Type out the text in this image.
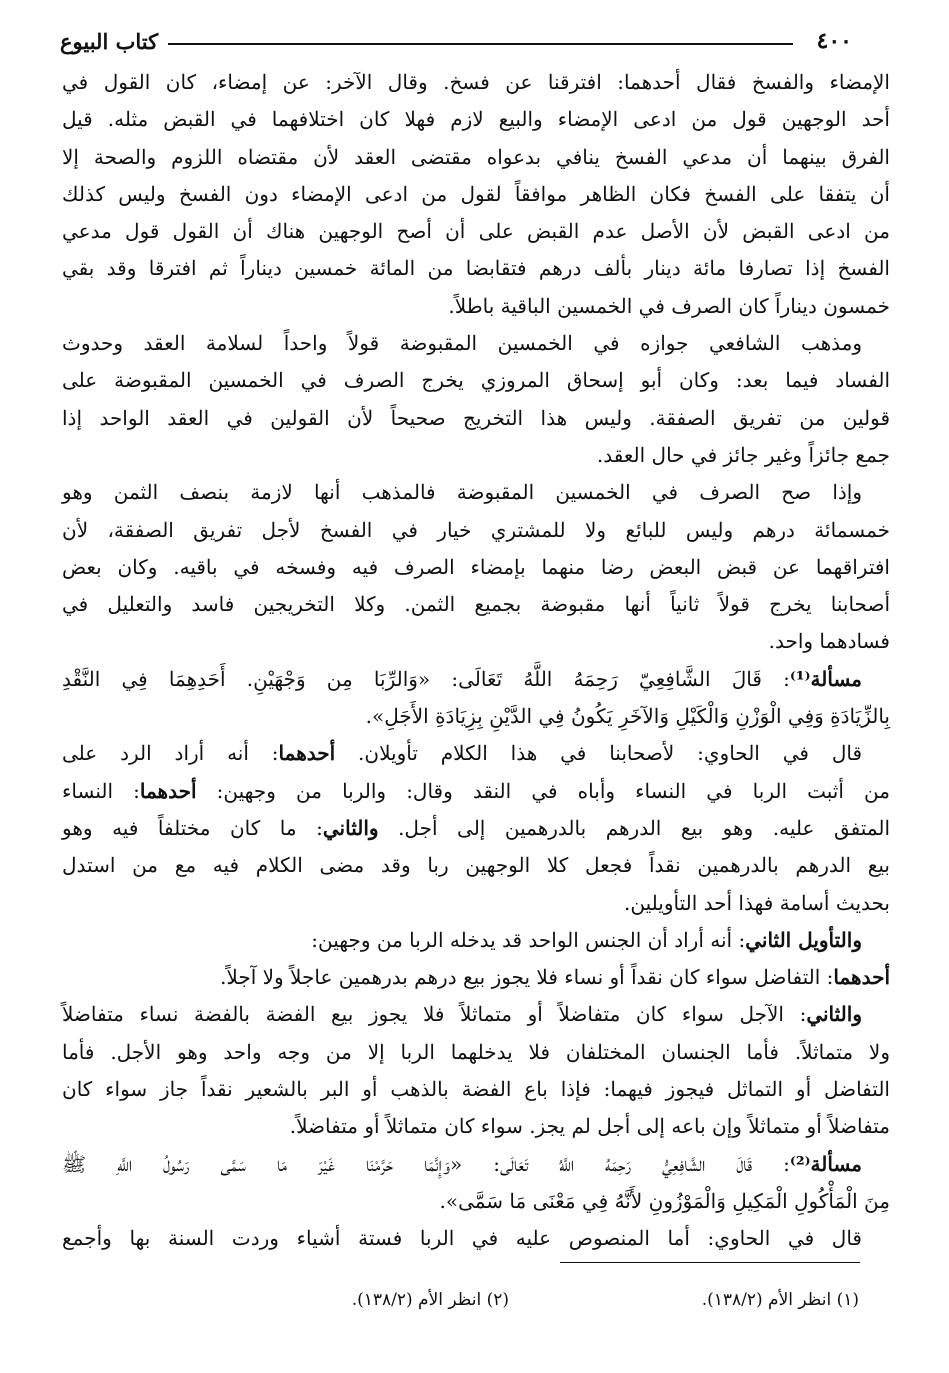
٤٠٠
كتاب البيوع
الإمضاء والفسخ فقال أحدهما: افترقنا عن فسخ. وقال الآخر: عن إمضاء، كان القول في
أحد الوجهين قول من ادعى الإمضاء والبيع لازم فهلا كان اختلافهما في القبض مثله. قيل
الفرق بينهما أن مدعي الفسخ ينافي بدعواه مقتضى العقد لأن مقتضاه اللزوم والصحة إلا
أن يتفقا على الفسخ فكان الظاهر موافقاً لقول من ادعى الإمضاء دون الفسخ وليس كذلك
من ادعى القبض لأن الأصل عدم القبض على أن أصح الوجهين هناك أن القول قول مدعي
الفسخ إذا تصارفا مائة دينار بألف درهم فتقابضا من المائة خمسين ديناراً ثم افترقا وقد بقي
خمسون ديناراً كان الصرف في الخمسين الباقية باطلاً.
ومذهب الشافعي جوازه في الخمسين المقبوضة قولاً واحداً لسلامة العقد وحدوث
الفساد فيما بعد: وكان أبو إسحاق المروزي يخرج الصرف في الخمسين المقبوضة على
قولين من تفريق الصفقة. وليس هذا التخريج صحيحاً لأن القولين في العقد الواحد إذا
جمع جائزاً وغير جائز في حال العقد.
وإذا صح الصرف في الخمسين المقبوضة فالمذهب أنها لازمة بنصف الثمن وهو
خمسمائة درهم وليس للبائع ولا للمشتري خيار في الفسخ لأجل تفريق الصفقة، لأن
افتراقهما عن قبض البعض رضا منهما بإمضاء الصرف فيه وفسخه في باقيه. وكان بعض
أصحابنا يخرج قولاً ثانياً أنها مقبوضة بجميع الثمن. وكلا التخريجين فاسد والتعليل في
فسادهما واحد.
مسألة⁽¹⁾: قَالَ الشَّافِعِيّ رَحِمَهُ اللَّهُ تَعَالَى: «وَالرِّبَا مِن وَجْهَيْنِ. أَحَدِهِمَا فِي النَّقْدِ
بِالزِّيَادَةِ وَفِي الْوَزْنِ وَالْكَيْلِ وَالآخَرِ يَكُونُ فِي الدَّيْنِ بِزِيَادَةِ الأَجَلِ».
قال في الحاوي: لأصحابنا في هذا الكلام تأويلان. أحدهما: أنه أراد الرد على
من أثبت الربا في النساء وأباه في النقد وقال: والربا من وجهين: أحدهما: النساء
المتفق عليه. وهو بيع الدرهم بالدرهمين إلى أجل. والثاني: ما كان مختلفاً فيه وهو
بيع الدرهم بالدرهمين نقداً فجعل كلا الوجهين ربا وقد مضى الكلام فيه مع من استدل
بحديث أسامة فهذا أحد التأويلين.
والتأويل الثاني: أنه أراد أن الجنس الواحد قد يدخله الربا من وجهين:
أحدهما: التفاضل سواء كان نقداً أو نساء فلا يجوز بيع درهم بدرهمين عاجلاً ولا آجلاً.
والثاني: الآجل سواء كان متفاضلاً أو متماثلاً فلا يجوز بيع الفضة بالفضة نساء متفاضلاً
ولا متماثلاً. فأما الجنسان المختلفان فلا يدخلهما الربا إلا من وجه واحد وهو الأجل. فأما
التفاضل أو التماثل فيجوز فيهما: فإذا باع الفضة بالذهب أو البر بالشعير نقداً جاز سواء كان
متفاضلاً أو متماثلاً وإن باعه إلى أجل لم يجز. سواء كان متماثلاً أو متفاضلاً.
مسألة⁽²⁾: قَالَ الشَّافِعِيُّ رَحِمَهُ اللَّهُ تَعَالَى: «وَإِنَّمَا حَرَّمْنَا غَيْرَ مَا سَمَّى رَسُولُ اللَّهِ ﷺ
مِنَ الْمَأْكُولِ الْمَكِيلِ وَالْمَوْزُونِ لأَنَّهُ فِي مَعْنَى مَا سَمَّى».
قال في الحاوي: أما المنصوص عليه في الربا فستة أشياء وردت السنة بها وأجمع
(١) انظر الأم (١٣٨/٢).
(٢) انظر الأم (١٣٨/٢).
